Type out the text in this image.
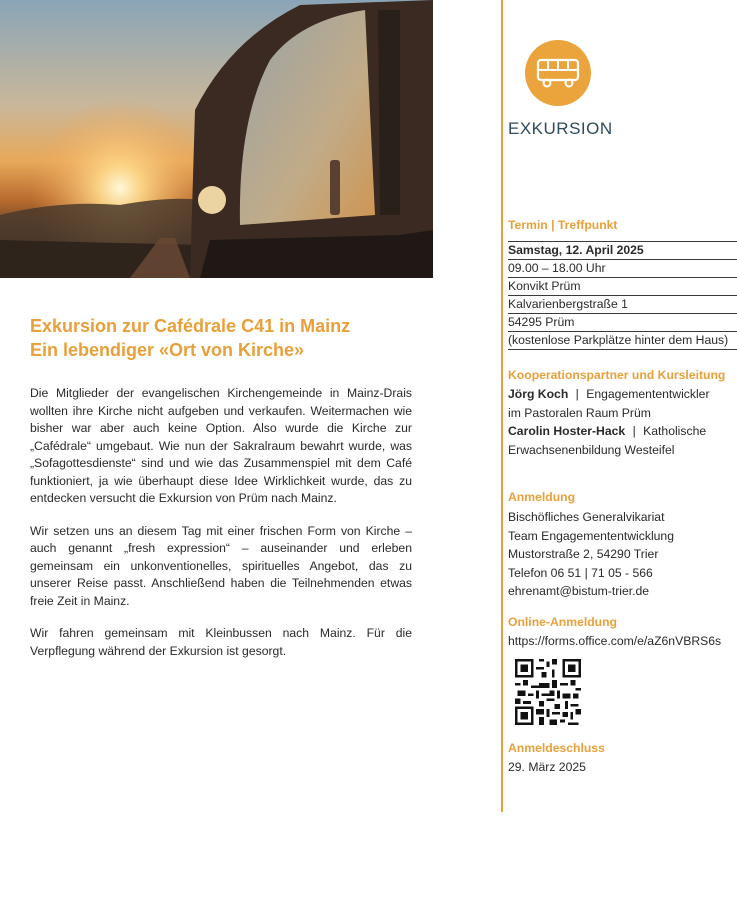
Exkursion zur Cafédrale C41 in Mainz
Ein lebendiger «Ort von Kirche»

Die Mitglieder der evangelischen Kirchengemeinde in Mainz-Drais wollten ihre Kirche nicht aufgeben und verkaufen. Weitermachen wie bisher war aber auch keine Option. Also wurde die Kirche zur „Cafédrale“ umgebaut. Wie nun der Sakralraum bewahrt wurde, was „Sofagottesdienste“ sind und wie das Zusammenspiel mit dem Café funktioniert, ja wie überhaupt diese Idee Wirklichkeit wurde, das zu entdecken versucht die Exkursion von Prüm nach Mainz.

Wir setzen uns an diesem Tag mit einer frischen Form von Kirche – auch genannt „fresh expression“ – auseinander und erleben gemeinsam ein unkonventionelles, spirituelles Angebot, das zu unserer Reise passt. Anschließend haben die Teilnehmenden etwas freie Zeit in Mainz.

Wir fahren gemeinsam mit Kleinbussen nach Mainz. Für die Verpflegung während der Exkursion ist gesorgt.

EXKURSION
Termin | Treffpunkt
Samstag, 12. April 2025
09.00 – 18.00 Uhr
Konvikt Prüm
Kalvarienbergstraße 1
54295 Prüm
(kostenlose Parkplätze hinter dem Haus)
Kooperationspartner und Kursleitung
Jörg Koch | Engagemententwickler
im Pastoralen Raum Prüm
Carolin Hoster-Hack | Katholische
Erwachsenenbildung Westeifel
Anmeldung
Bischöfliches Generalvikariat
Team Engagemententwicklung
Mustorstraße 2, 54290 Trier
Telefon 06 51 | 71 05 - 566
ehrenamt@bistum-trier.de
Online-Anmeldung
https://forms.office.com/e/aZ6nVBRS6s
Anmeldeschluss
29. März 2025
